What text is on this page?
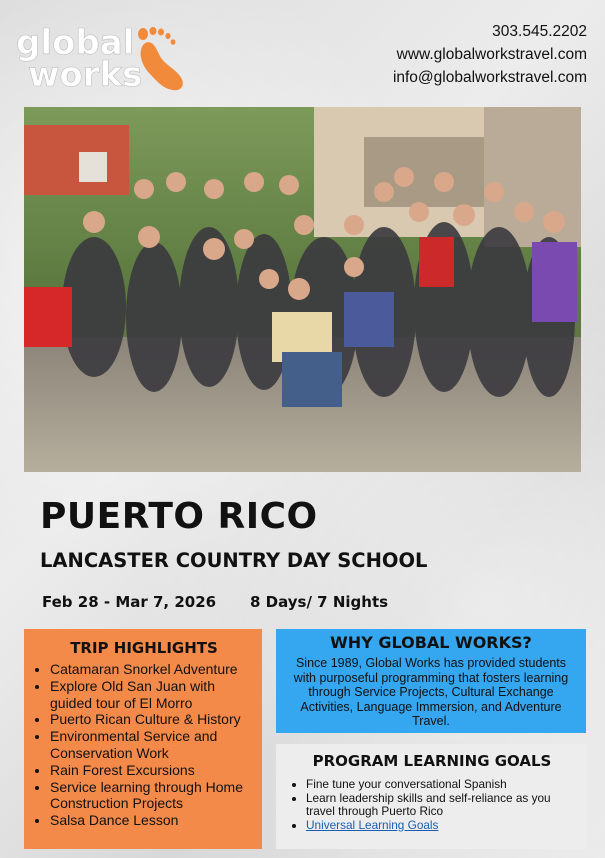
global
works
303.545.2202
www.globalworkstravel.com
info@globalworkstravel.com
PUERTO RICO
LANCASTER COUNTRY DAY SCHOOL
Feb 28 - Mar 7, 2026 8 Days/ 7 Nights
TRIP HIGHLIGHTS
• Catamaran Snorkel Adventure
• Explore Old San Juan with guided tour of El Morro
• Puerto Rican Culture & History
• Environmental Service and Conservation Work
• Rain Forest Excursions
• Service learning through Home Construction Projects
• Salsa Dance Lesson
WHY GLOBAL WORKS?

Since 1989, Global Works has provided students with purposeful programming that fosters learning through Service Projects, Cultural Exchange Activities, Language Immersion, and Adventure Travel.

PROGRAM LEARNING GOALS
• Fine tune your conversational Spanish
• Learn leadership skills and self-reliance as you travel through Puerto Rico
• Universal Learning Goals
